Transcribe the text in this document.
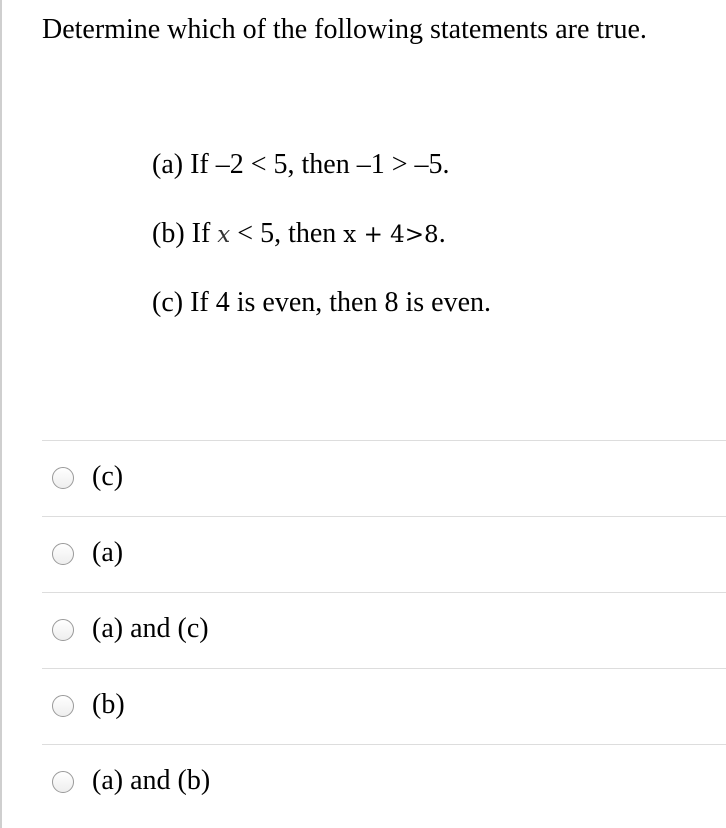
Determine which of the following statements are true.
(a) If –2 < 5, then –1 > –5.
(b) If x < 5, then x + 4>8.
(c) If 4 is even, then 8 is even.
(c)
(a)
(a) and (c)
(b)
(a) and (b)
